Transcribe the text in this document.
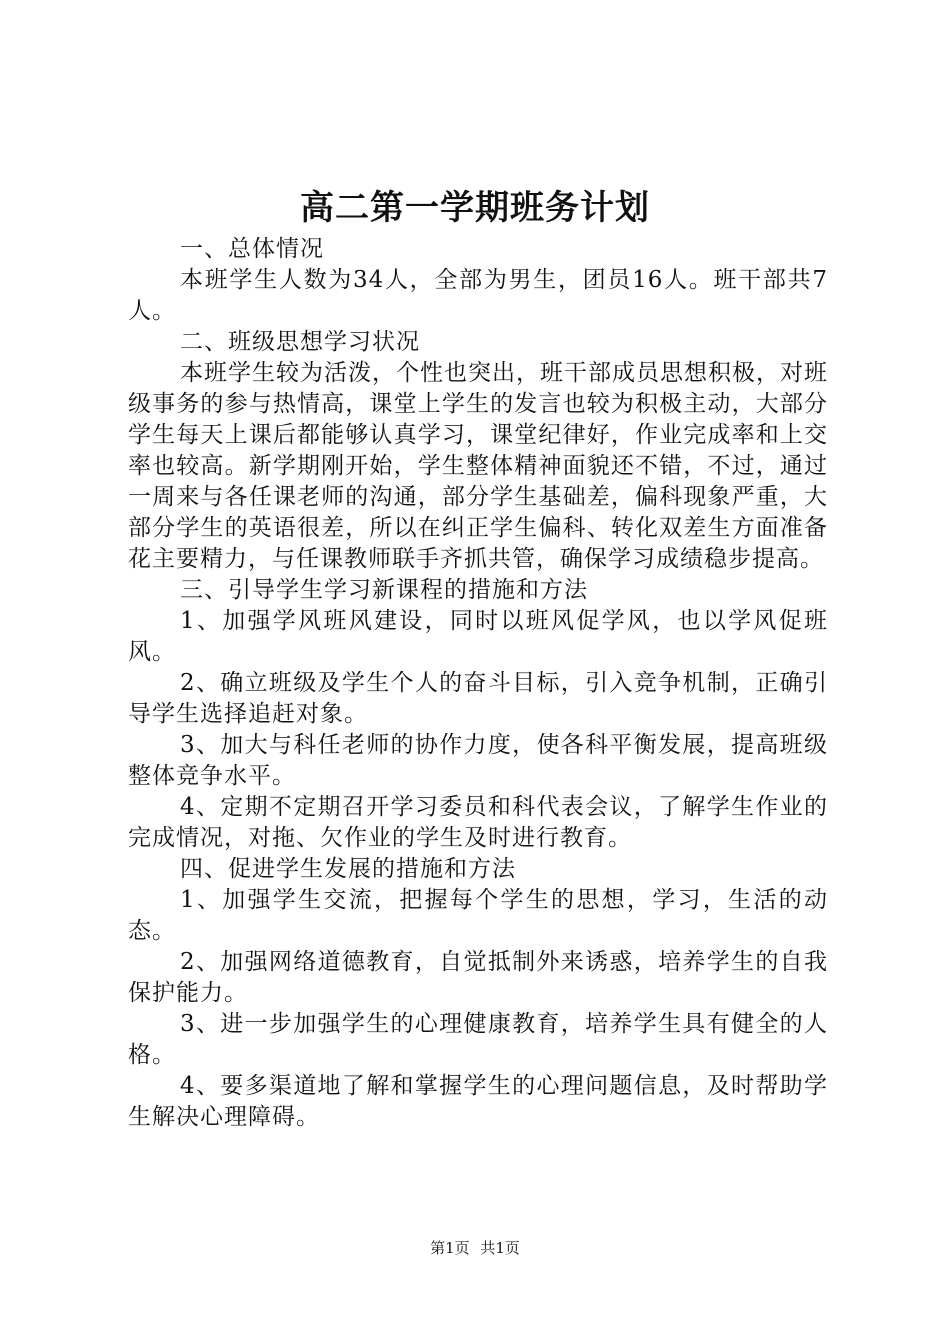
高二第一学期班务计划

一、总体情况

本班学生人数为34人，全部为男生，团员16人。班干部共7人。

二、班级思想学习状况

本班学生较为活泼，个性也突出，班干部成员思想积极，对班级事务的参与热情高，课堂上学生的发言也较为积极主动，大部分学生每天上课后都能够认真学习，课堂纪律好，作业完成率和上交率也较高。新学期刚开始，学生整体精神面貌还不错，不过，通过一周来与各任课老师的沟通，部分学生基础差，偏科现象严重，大部分学生的英语很差，所以在纠正学生偏科、转化双差生方面准备花主要精力，与任课教师联手齐抓共管，确保学习成绩稳步提高。

三、引导学生学习新课程的措施和方法

1、加强学风班风建设，同时以班风促学风，也以学风促班风。

2、确立班级及学生个人的奋斗目标，引入竞争机制，正确引导学生选择追赶对象。

3、加大与科任老师的协作力度，使各科平衡发展，提高班级整体竞争水平。

4、定期不定期召开学习委员和科代表会议，了解学生作业的完成情况，对拖、欠作业的学生及时进行教育。

四、促进学生发展的措施和方法

1、加强学生交流，把握每个学生的思想，学习，生活的动态。

2、加强网络道德教育，自觉抵制外来诱惑，培养学生的自我保护能力。

3、进一步加强学生的心理健康教育，培养学生具有健全的人格。

4、要多渠道地了解和掌握学生的心理问题信息，及时帮助学生解决心理障碍。

第1页 共1页
